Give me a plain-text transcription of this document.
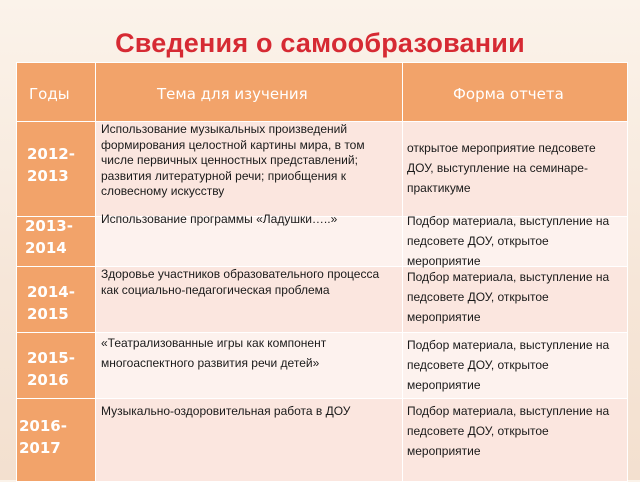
Сведения о самообразовании
Годы	Тема для изучения	Форма отчета
2012-
2013
2013-
2014
2014-
2015
2015-
2016
2016-
2017
Использование музыкальных произведений формирования целостной картины мира, в том числе первичных ценностных представлений; развития литературной речи; приобщения к словесному искусству
Использование программы «Ладушки…..»
Здоровье участников образовательного процесса как социально-педагогическая проблема
«Театрализованные игры как компонент многоаспектного развития речи детей»
Музыкально-оздоровительная работа в ДОУ
открытое мероприятие педсовете ДОУ, выступление на семинаре-практикуме
Подбор материала, выступление на педсовете ДОУ, открытое мероприятие
Подбор материала, выступление на педсовете ДОУ, открытое мероприятие
Подбор материала, выступление на педсовете ДОУ, открытое мероприятие
Подбор материала, выступление на педсовете ДОУ, открытое мероприятие
